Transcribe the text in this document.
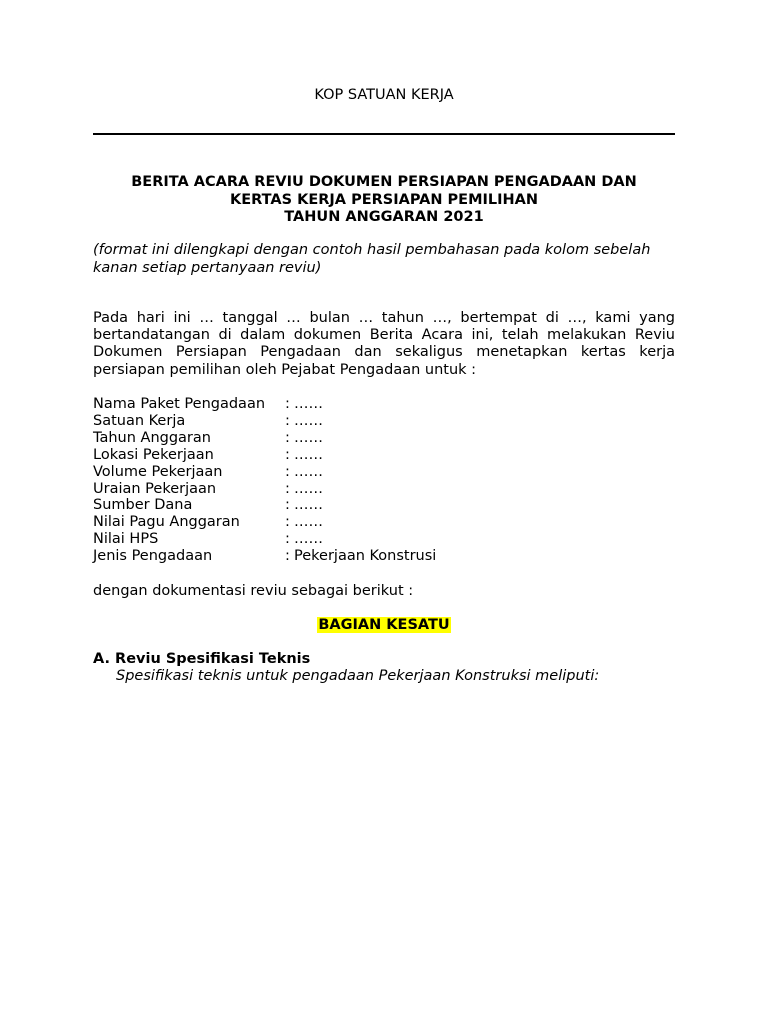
KOP SATUAN KERJA
BERITA ACARA REVIU DOKUMEN PERSIAPAN PENGADAAN DAN
KERTAS KERJA PERSIAPAN PEMILIHAN
TAHUN ANGGARAN 2021
(format ini dilengkapi dengan contoh hasil pembahasan pada kolom sebelah kanan setiap pertanyaan reviu)
Pada hari ini … tanggal … bulan … tahun …, bertempat di …, kami yang bertandatangan di dalam dokumen Berita Acara ini, telah melakukan Reviu Dokumen Persiapan Pengadaan dan sekaligus menetapkan kertas kerja persiapan pemilihan oleh Pejabat Pengadaan untuk :
Nama Paket Pengadaan	: ……
Satuan Kerja	: ……
Tahun Anggaran	: ……
Lokasi Pekerjaan	: ……
Volume Pekerjaan	: ……
Uraian Pekerjaan	: ……
Sumber Dana	: ……
Nilai Pagu Anggaran	: ……
Nilai HPS	: ……
Jenis Pengadaan	: Pekerjaan Konstrusi
dengan dokumentasi reviu sebagai berikut :
BAGIAN KESATU
A. Reviu Spesifikasi Teknis
Spesifikasi teknis untuk pengadaan Pekerjaan Konstruksi meliputi:
